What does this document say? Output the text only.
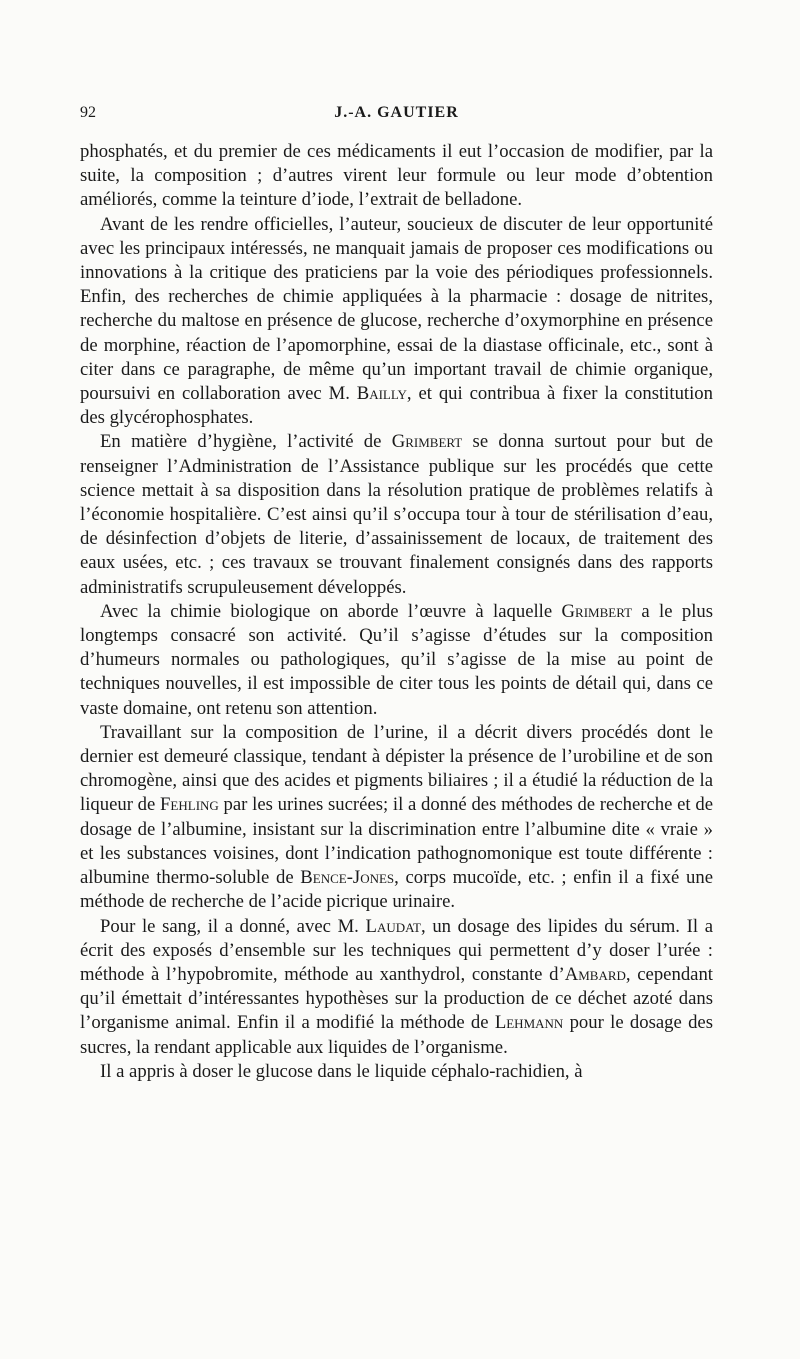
92	J.-A. GAUTIER

phosphatés, et du premier de ces médicaments il eut l’occasion de modifier, par la suite, la composition ; d’autres virent leur formule ou leur mode d’obtention améliorés, comme la teinture d’iode, l’extrait de belladone.

Avant de les rendre officielles, l’auteur, soucieux de discuter de leur opportunité avec les principaux intéressés, ne manquait jamais de proposer ces modifications ou innovations à la critique des praticiens par la voie des périodiques professionnels. Enfin, des recherches de chimie appliquées à la pharmacie : dosage de nitrites, recherche du maltose en présence de glucose, recherche d’oxymorphine en présence de morphine, réaction de l’apomorphine, essai de la diastase officinale, etc., sont à citer dans ce paragraphe, de même qu’un important travail de chimie organique, poursuivi en collaboration avec M. Bailly, et qui contribua à fixer la constitution des glycérophosphates.

En matière d’hygiène, l’activité de Grimbert se donna surtout pour but de renseigner l’Administration de l’Assistance publique sur les procédés que cette science mettait à sa disposition dans la résolution pratique de problèmes relatifs à l’économie hospitalière. C’est ainsi qu’il s’occupa tour à tour de stérilisation d’eau, de désinfection d’objets de literie, d’assainissement de locaux, de traitement des eaux usées, etc. ; ces travaux se trouvant finalement consignés dans des rapports administratifs scrupuleusement développés.

Avec la chimie biologique on aborde l’œuvre à laquelle Grimbert a le plus longtemps consacré son activité. Qu’il s’agisse d’études sur la composition d’humeurs normales ou pathologiques, qu’il s’agisse de la mise au point de techniques nouvelles, il est impossible de citer tous les points de détail qui, dans ce vaste domaine, ont retenu son attention.

Travaillant sur la composition de l’urine, il a décrit divers procédés dont le dernier est demeuré classique, tendant à dépister la présence de l’urobiline et de son chromogène, ainsi que des acides et pigments biliaires ; il a étudié la réduction de la liqueur de Fehling par les urines sucrées; il a donné des méthodes de recherche et de dosage de l’albumine, insistant sur la discrimination entre l’albumine dite « vraie » et les substances voisines, dont l’indication pathognomonique est toute différente : albumine thermo-soluble de Bence-Jones, corps mucoïde, etc. ; enfin il a fixé une méthode de recherche de l’acide picrique urinaire.

Pour le sang, il a donné, avec M. Laudat, un dosage des lipides du sérum. Il a écrit des exposés d’ensemble sur les techniques qui permettent d’y doser l’urée : méthode à l’hypobromite, méthode au xanthydrol, constante d’Ambard, cependant qu’il émettait d’intéressantes hypothèses sur la production de ce déchet azoté dans l’organisme animal. Enfin il a modifié la méthode de Lehmann pour le dosage des sucres, la rendant applicable aux liquides de l’organisme.

Il a appris à doser le glucose dans le liquide céphalo-rachidien, à
